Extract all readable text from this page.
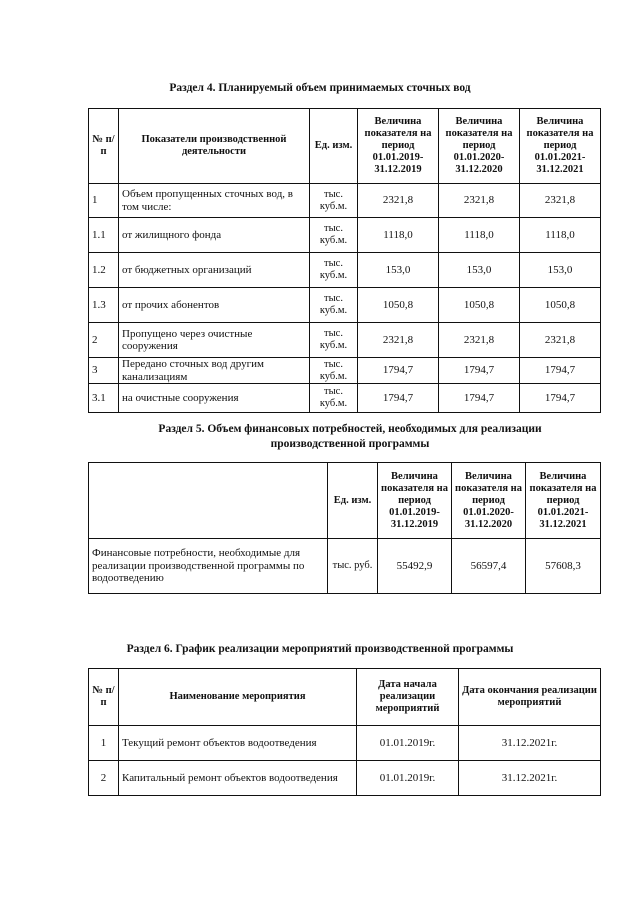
Раздел 4. Планируемый объем принимаемых сточных вод
№ п/п	Показатели производственной деятельности	Ед. изм.	Величина показателя на период 01.01.2019-31.12.2019	Величина показателя на период 01.01.2020-31.12.2020	Величина показателя на период 01.01.2021-31.12.2021
1	Объем пропущенных сточных вод, в том числе:	тыс. куб.м.	2321,8	2321,8	2321,8
1.1	от жилищного фонда	тыс. куб.м.	1118,0	1118,0	1118,0
1.2	от бюджетных организаций	тыс. куб.м.	153,0	153,0	153,0
1.3	от прочих абонентов	тыс. куб.м.	1050,8	1050,8	1050,8
2	Пропущено через очистные сооружения	тыс. куб.м.	2321,8	2321,8	2321,8
3	Передано сточных вод другим канализациям	тыс. куб.м.	1794,7	1794,7	1794,7
3.1	на очистные сооружения	тыс. куб.м.	1794,7	1794,7	1794,7
Раздел 5. Объем финансовых потребностей, необходимых для реализации производственной программы
	Ед. изм.	Величина показателя на период 01.01.2019-31.12.2019	Величина показателя на период 01.01.2020-31.12.2020	Величина показателя на период 01.01.2021-31.12.2021
Финансовые потребности, необходимые для реализации производственной программы по водоотведению	тыс. руб.	55492,9	56597,4	57608,3
Раздел 6. График реализации мероприятий производственной программы
№ п/п	Наименование мероприятия	Дата начала реализации мероприятий	Дата окончания реализации мероприятий
1	Текущий ремонт объектов водоотведения	01.01.2019г.	31.12.2021г.
2	Капитальный ремонт объектов водоотведения	01.01.2019г.	31.12.2021г.
